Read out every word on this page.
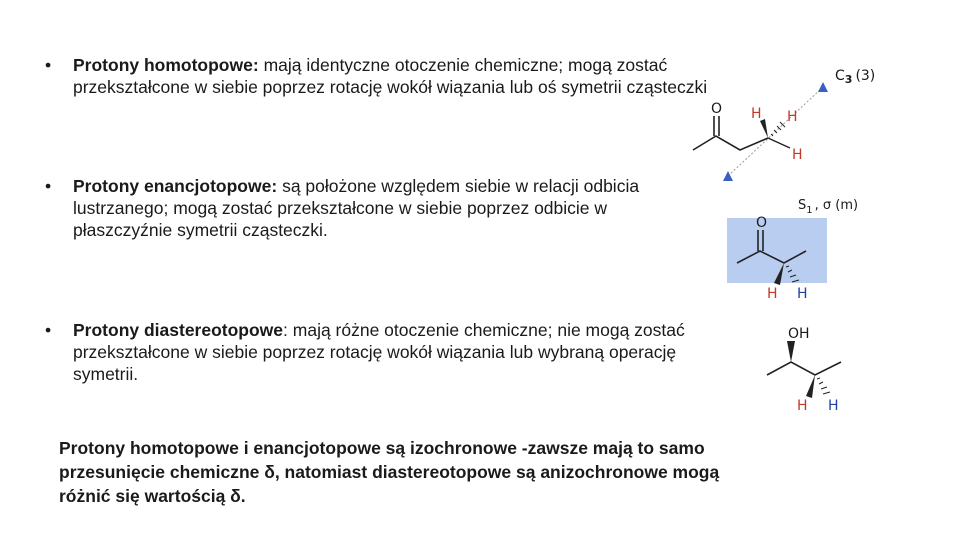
• Protony homotopowe: mają identyczne otoczenie chemiczne; mogą zostać przekształcone w siebie poprzez rotację wokół wiązania lub oś symetrii cząsteczki
• Protony enancjotopowe: są położone względem siebie w relacji odbicia lustrzanego; mogą zostać przekształcone w siebie poprzez odbicie w płaszczyźnie symetrii cząsteczki.
• Protony diastereotopowe: mają różne otoczenie chemiczne; nie mogą zostać przekształcone w siebie poprzez rotację wokół wiązania lub wybraną operację symetrii.
Protony homotopowe i enancjotopowe są izochronowe -zawsze mają to samo przesunięcie chemiczne δ, natomiast diastereotopowe są anizochronowe mogą różnić się wartością δ.
O H H
H
$C_3$ (3)
O
H H
$S_1$ , σ (m)
OH
H H
